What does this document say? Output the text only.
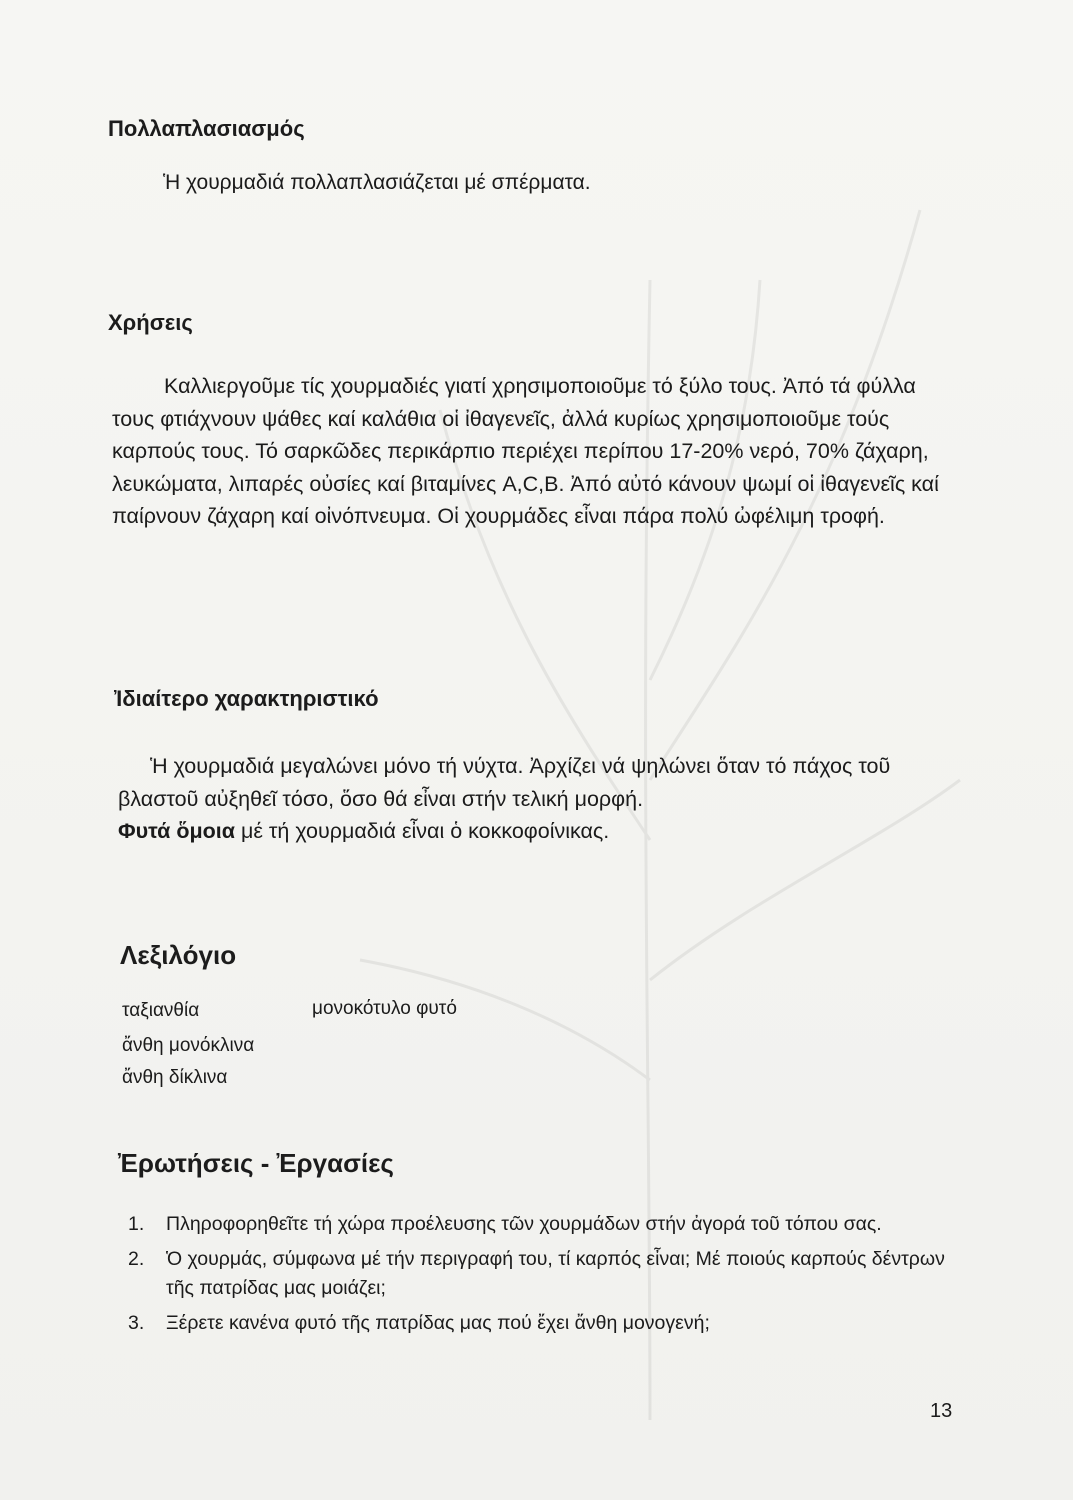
Πολλαπλασιασμός

Ἡ χουρμαδιά πολλαπλασιάζεται μέ σπέρματα.

Χρήσεις

Καλλιεργοῦμε τίς χουρμαδιές γιατί χρησιμοποιοῦμε τό ξύλο τους. Ἀπό τά φύλλα τους φτιάχνουν ψάθες καί καλάθια οἱ ἰθαγενεῖς, ἀλλά κυρίως χρησιμοποιοῦμε τούς καρπούς τους. Τό σαρκῶδες περικάρπιο περιέχει περίπου 17-20% νερό, 70% ζάχαρη, λευκώματα, λιπαρές οὐσίες καί βιταμίνες A,C,B. Ἀπό αὐτό κάνουν ψωμί οἱ ἰθαγενεῖς καί παίρνουν ζάχαρη καί οἰνόπνευμα. Οἱ χουρμάδες εἶναι πάρα πολύ ὠφέλιμη τροφή.

Ἰδιαίτερο χαρακτηριστικό
Ἡ χουρμαδιά μεγαλώνει μόνο τή νύχτα. Ἀρχίζει νά ψηλώνει ὅταν τό πάχος τοῦ βλαστοῦ αὐξηθεῖ τόσο, ὅσο θά εἶναι στήν τελική μορφή.
Φυτά ὅμοια μέ τή χουρμαδιά εἶναι ὁ κοκκοφοίνικας.
Λεξιλόγιο
ταξιανθία	μονοκότυλο φυτό
ἄνθη μονόκλινα
ἄνθη δίκλινα
Ἐρωτήσεις - Ἐργασίες
1. Πληροφορηθεῖτε τή χώρα προέλευσης τῶν χουρμάδων στήν ἀγορά τοῦ τόπου σας.
2. Ὁ χουρμάς, σύμφωνα μέ τήν περιγραφή του, τί καρπός εἶναι; Μέ ποιούς καρπούς δέντρων τῆς πατρίδας μας μοιάζει;
3. Ξέρετε κανένα φυτό τῆς πατρίδας μας πού ἔχει ἄνθη μονογενή;
13
